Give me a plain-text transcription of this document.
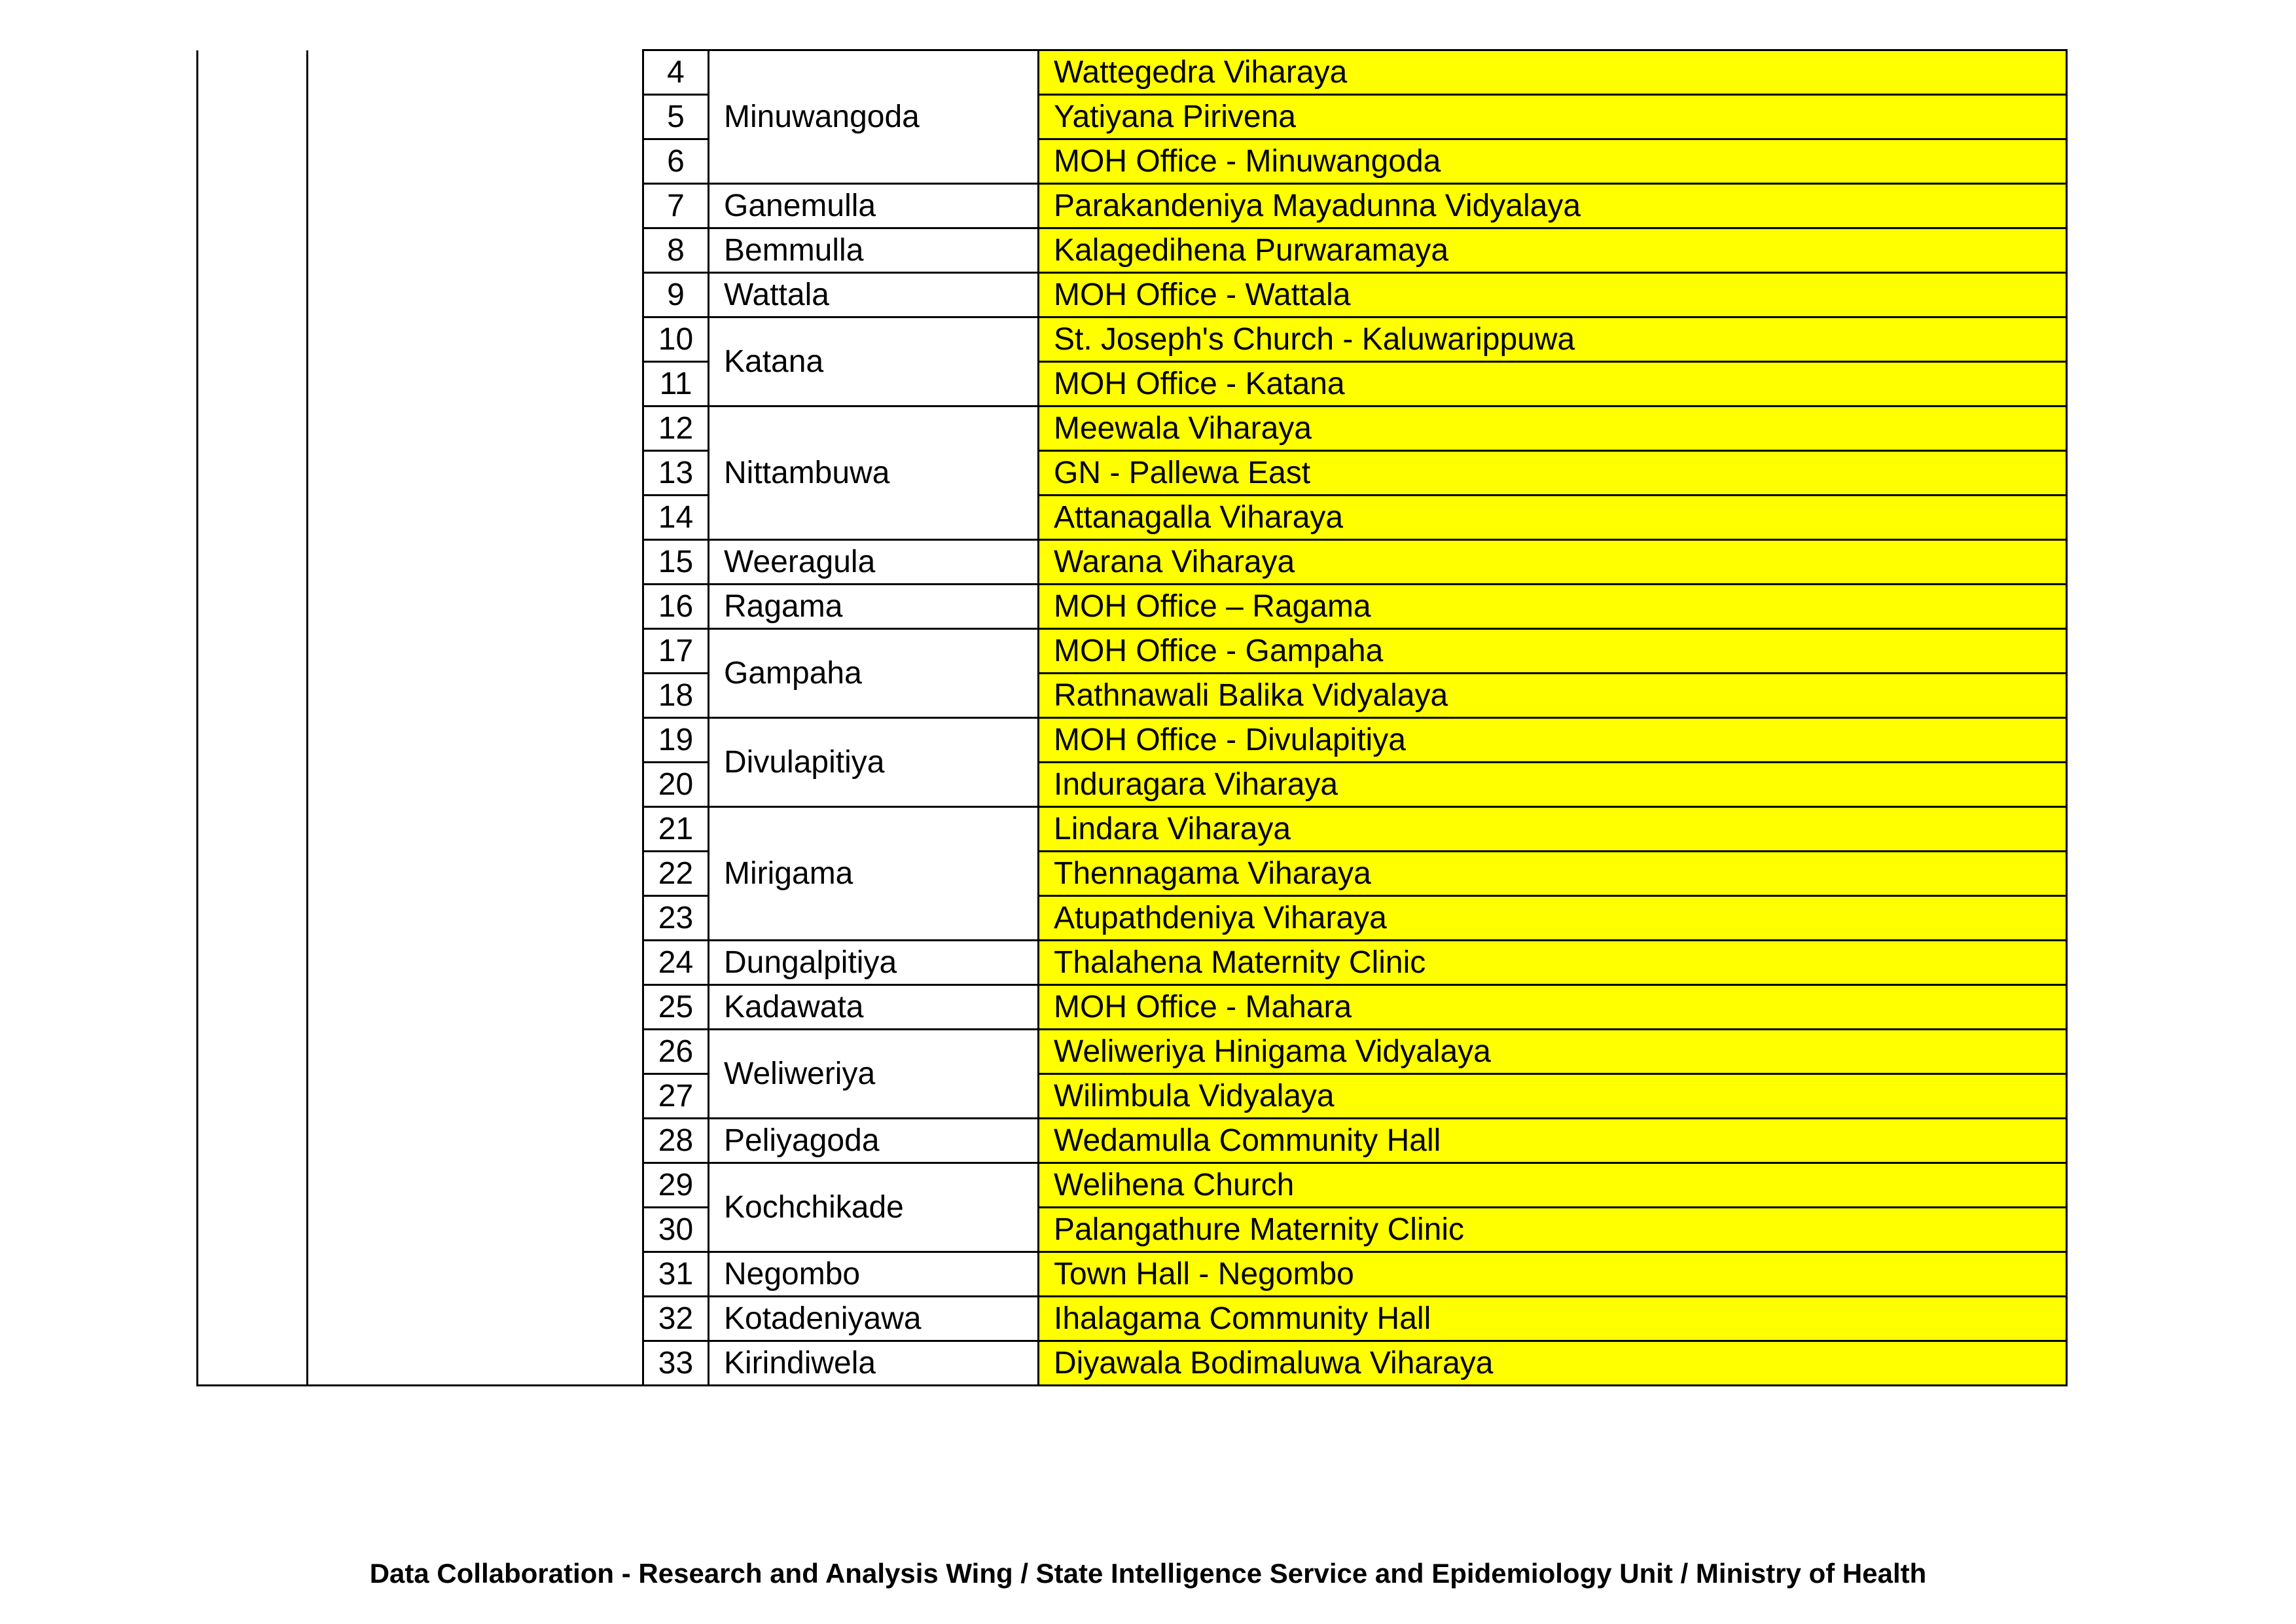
		4	Minuwangoda	Wattegedra Viharaya
		5		Yatiyana Pirivena
		6		MOH Office - Minuwangoda
		7	Ganemulla	Parakandeniya Mayadunna Vidyalaya
		8	Bemmulla	Kalagedihena Purwaramaya
		9	Wattala	MOH Office - Wattala
		10	Katana	St. Joseph's Church - Kaluwarippuwa
		11		MOH Office - Katana
		12	Nittambuwa	Meewala Viharaya
		13		GN - Pallewa East
		14		Attanagalla Viharaya
		15	Weeragula	Warana Viharaya
		16	Ragama	MOH Office – Ragama
		17	Gampaha	MOH Office - Gampaha
		18		Rathnawali Balika Vidyalaya
		19	Divulapitiya	MOH Office - Divulapitiya
		20		Induragara Viharaya
		21	Mirigama	Lindara Viharaya
		22		Thennagama Viharaya
		23		Atupathdeniya Viharaya
		24	Dungalpitiya	Thalahena Maternity Clinic
		25	Kadawata	MOH Office - Mahara
		26	Weliweriya	Weliweriya Hinigama Vidyalaya
		27		Wilimbula Vidyalaya
		28	Peliyagoda	Wedamulla Community Hall
		29	Kochchikade	Welihena Church
		30		Palangathure Maternity Clinic
		31	Negombo	Town Hall - Negombo
		32	Kotadeniyawa	Ihalagama Community Hall
		33	Kirindiwela	Diyawala Bodimaluwa Viharaya
Data Collaboration - Research and Analysis Wing / State Intelligence Service and Epidemiology Unit / Ministry of Health
